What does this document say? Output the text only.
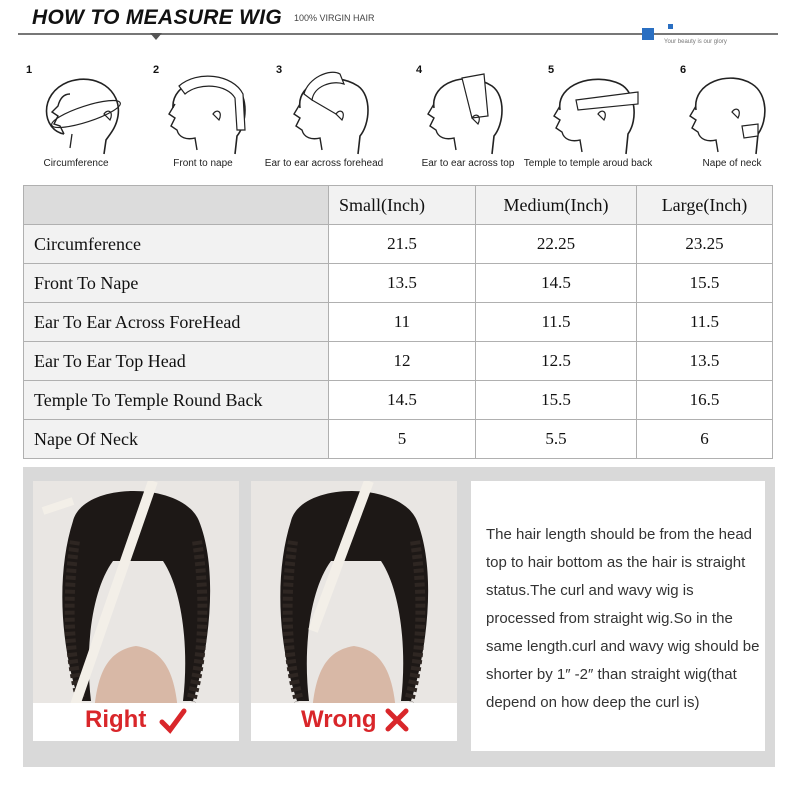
HOW TO MEASURE WIG 100% VIRGIN HAIR
Your beauty is our glory
1
Circumference
2
Front to nape
3
Ear to ear across forehead
4
Ear to ear across top
5
Temple to temple aroud back
6
Nape of neck
	Small(Inch)	Medium(Inch)	Large(Inch)
Circumference	21.5	22.25	23.25
Front To Nape	13.5	14.5	15.5
Ear To Ear Across ForeHead	11	11.5	11.5
Ear To Ear Top Head	12	12.5	13.5
Temple To Temple Round Back	14.5	15.5	16.5
Nape Of Neck	5	5.5	6
Right	Wrong
The hair length should be from the head top to hair bottom as the hair is straight status.The curl and wavy wig is processed from straight wig.So in the same length.curl and wavy wig should be shorter by 1″ -2″ than straight wig(that depend on how deep the curl is)
